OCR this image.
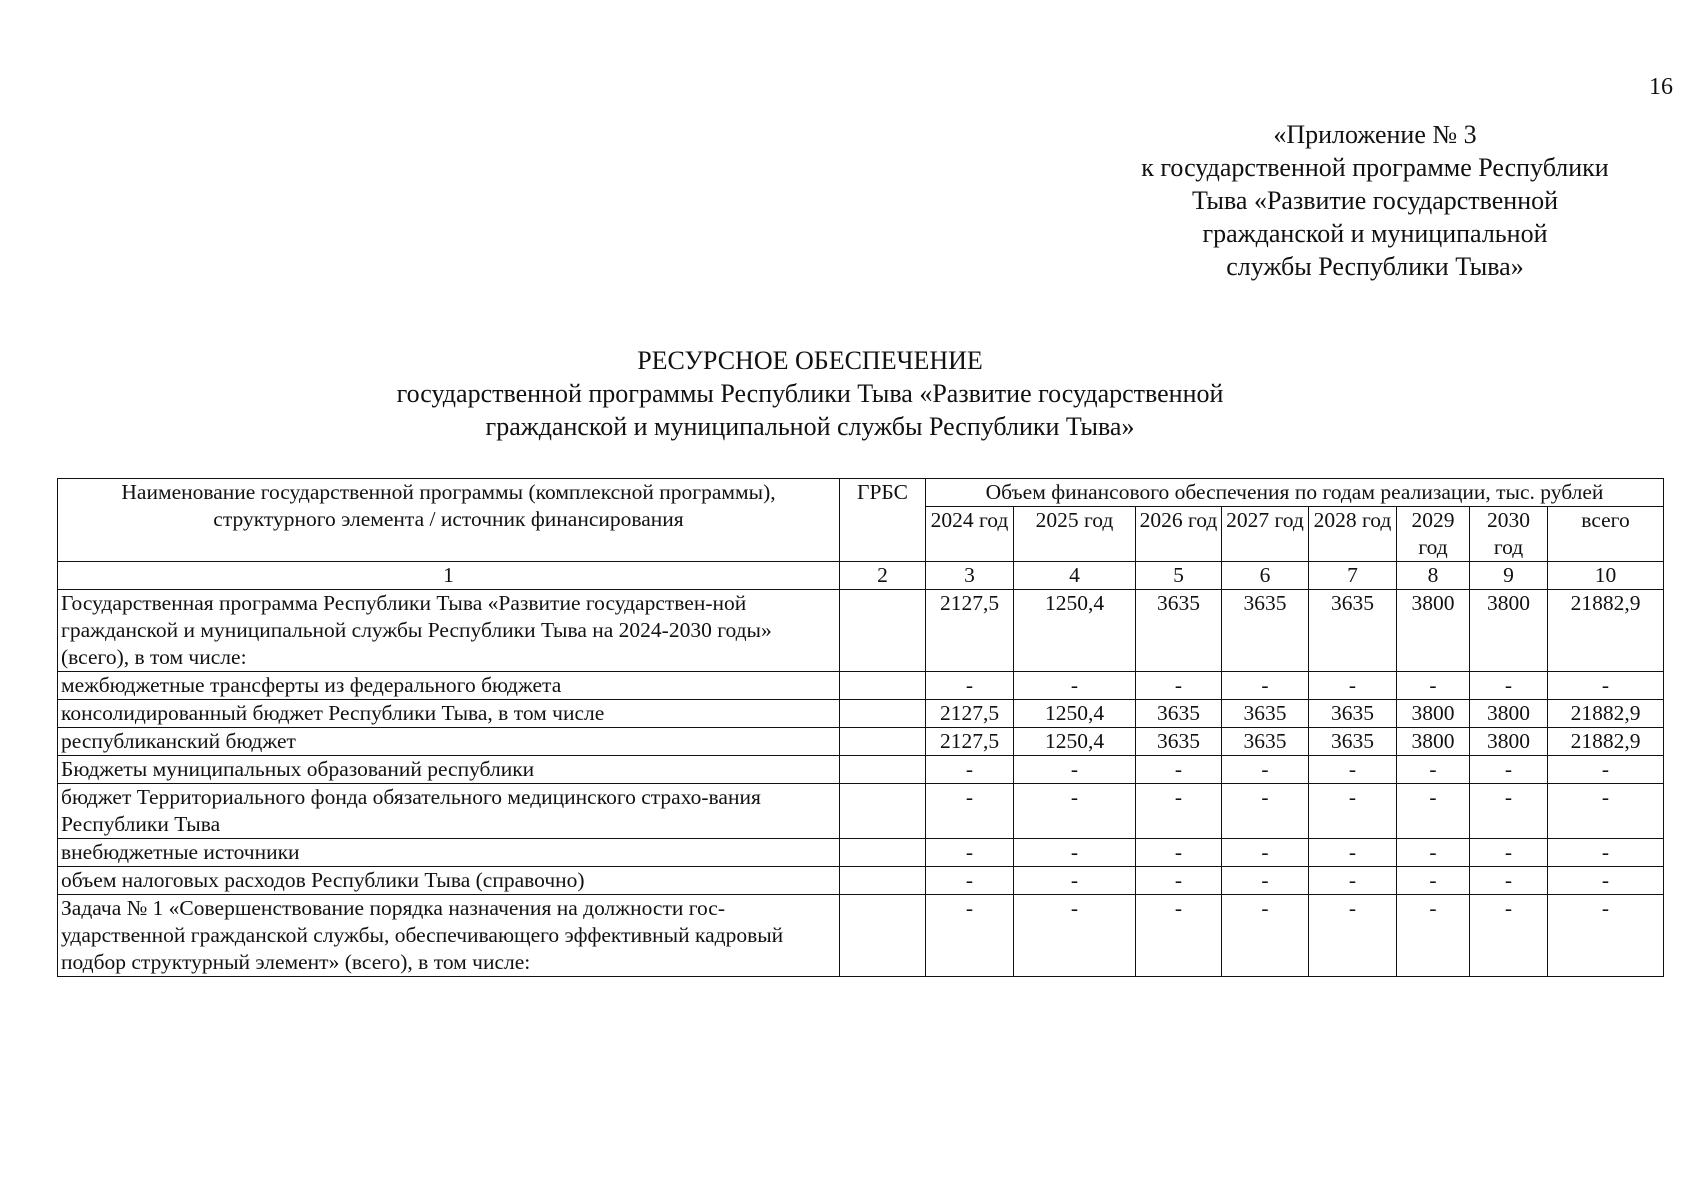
16
«Приложение № 3
к государственной программе Республики
Тыва «Развитие государственной
гражданской и муниципальной
службы Республики Тыва»
РЕСУРСНОЕ ОБЕСПЕЧЕНИЕ
государственной программы Республики Тыва «Развитие государственной
гражданской и муниципальной службы Республики Тыва»
Наименование государственной программы (комплексной программы), структурного элемента / источник финансирования	ГРБС	Объем финансового обеспечения по годам реализации, тыс. рублей							
		2024 год	2025 год	2026 год	2027 год	2028 год	2029 год	2030 год	всего
1	2	3	4	5	6	7	8	9	10
Государственная программа Республики Тыва «Развитие государствен-ной гражданской и муниципальной службы Республики Тыва на 2024-2030 годы» (всего), в том числе:		2127,5	1250,4	3635	3635	3635	3800	3800	21882,9
межбюджетные трансферты из федерального бюджета		-	-	-	-	-	-	-	-
консолидированный бюджет Республики Тыва, в том числе		2127,5	1250,4	3635	3635	3635	3800	3800	21882,9
республиканский бюджет		2127,5	1250,4	3635	3635	3635	3800	3800	21882,9
Бюджеты муниципальных образований республики		-	-	-	-	-	-	-	-
бюджет Территориального фонда обязательного медицинского страхо-вания Республики Тыва		-	-	-	-	-	-	-	-
внебюджетные источники		-	-	-	-	-	-	-	-
объем налоговых расходов Республики Тыва (справочно)		-	-	-	-	-	-	-	-
Задача № 1 «Совершенствование порядка назначения на должности гос-ударственной гражданской службы, обеспечивающего эффективный кадровый подбор структурный элемент» (всего), в том числе:		-	-	-	-	-	-	-	-
